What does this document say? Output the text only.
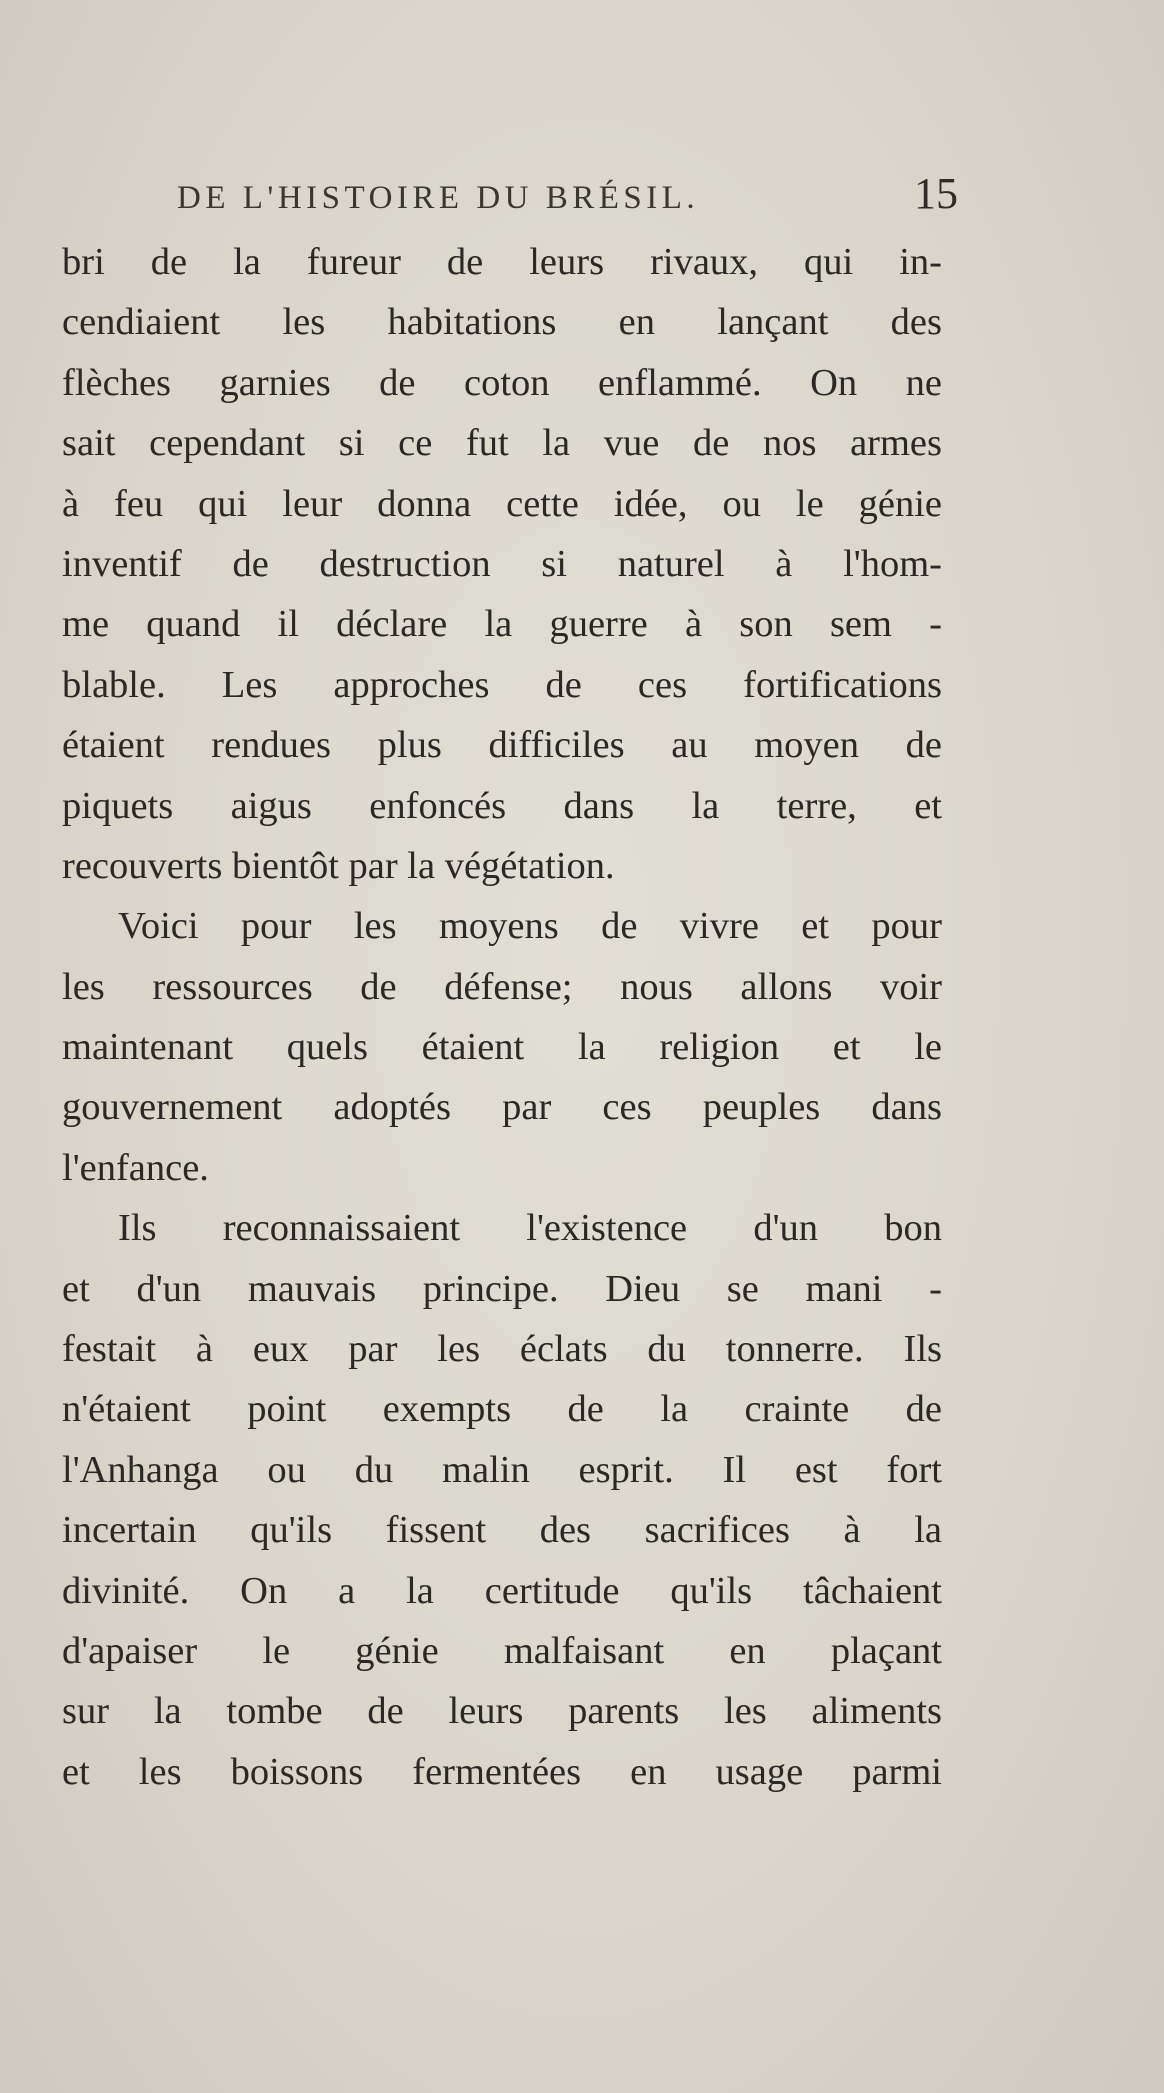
DE L'HISTOIRE DU BRÉSIL.	15
bri de la fureur de leurs rivaux, qui in-
cendiaient les habitations en lançant des
flèches garnies de coton enflammé. On ne
sait cependant si ce fut la vue de nos armes
à feu qui leur donna cette idée, ou le génie
inventif de destruction si naturel à l'hom-
me quand il déclare la guerre à son sem -
blable. Les approches de ces fortifications
étaient rendues plus difficiles au moyen de
piquets aigus enfoncés dans la terre, et
recouverts bientôt par la végétation.
Voici pour les moyens de vivre et pour
les ressources de défense; nous allons voir
maintenant quels étaient la religion et le
gouvernement adoptés par ces peuples dans
l'enfance.
Ils reconnaissaient l'existence d'un bon
et d'un mauvais principe. Dieu se mani -
festait à eux par les éclats du tonnerre. Ils
n'étaient point exempts de la crainte de
l'Anhanga ou du malin esprit. Il est fort
incertain qu'ils fissent des sacrifices à la
divinité. On a la certitude qu'ils tâchaient
d'apaiser le génie malfaisant en plaçant
sur la tombe de leurs parents les aliments
et les boissons fermentées en usage parmi
